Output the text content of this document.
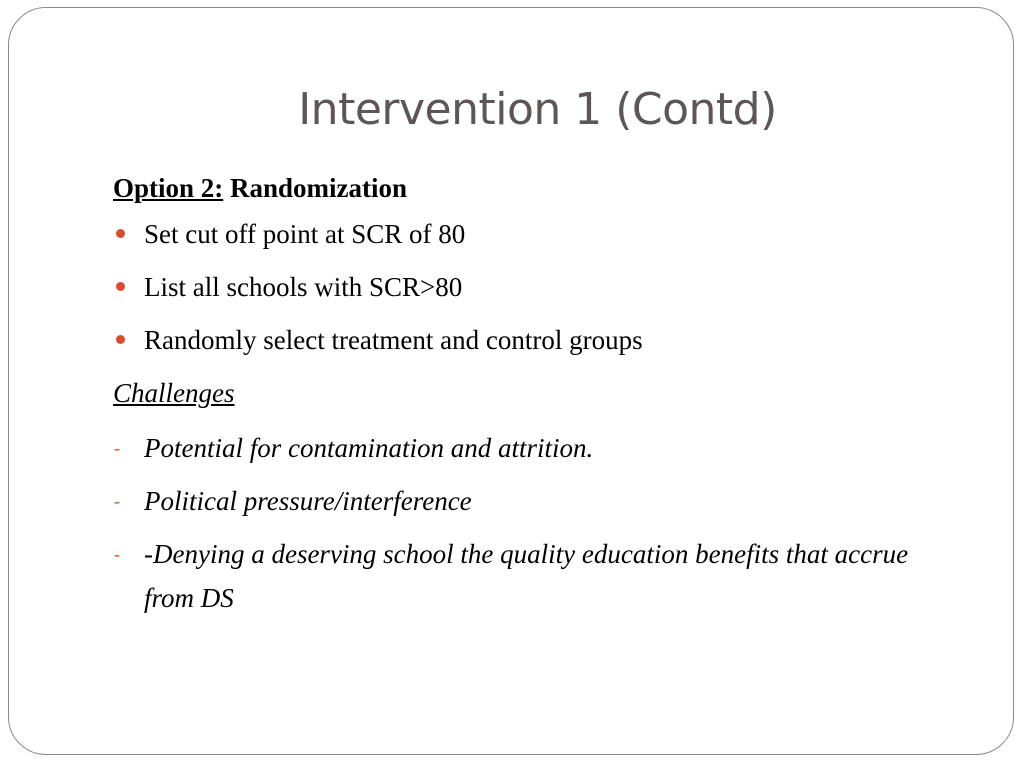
Intervention 1 (Contd)
Option 2: Randomization
Set cut off point at SCR of 80
List all schools with SCR>80
Randomly select treatment and control groups
Challenges
- Potential for contamination and attrition.
- Political pressure/interference
- -Denying a deserving school the quality education benefits that accrue from DS
